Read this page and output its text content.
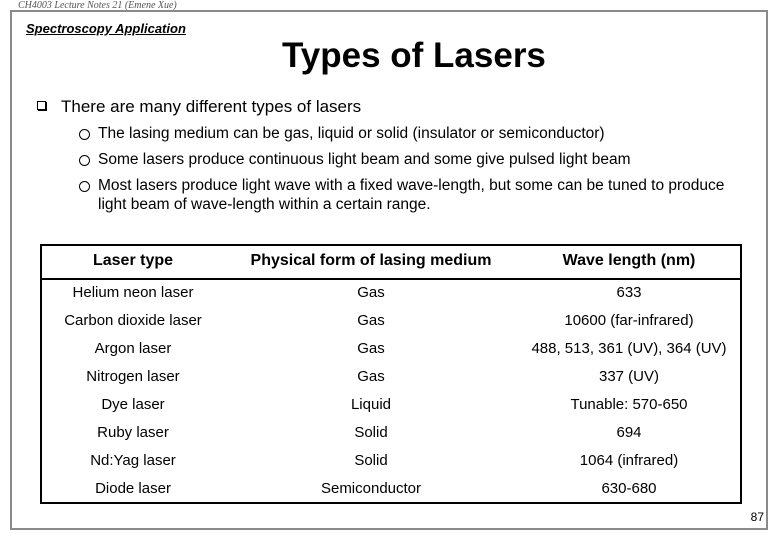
CH4003 Lecture Notes 21 (Emene Xue)
Spectroscopy Application
Types of Lasers
There are many different types of lasers
The lasing medium can be gas, liquid or solid (insulator or semiconductor)
Some lasers produce continuous light beam and some give pulsed light beam
Most lasers produce light wave with a fixed wave-length, but some can be tuned to produce light beam of wave-length within a certain range.
Laser type	Physical form of lasing medium	Wave length (nm)
Helium neon laser	Gas	633
Carbon dioxide laser	Gas	10600 (far-infrared)
Argon laser	Gas	488, 513, 361 (UV), 364 (UV)
Nitrogen laser	Gas	337 (UV)
Dye laser	Liquid	Tunable: 570-650
Ruby laser	Solid	694
Nd:Yag laser	Solid	1064 (infrared)
Diode laser	Semiconductor	630-680
87
